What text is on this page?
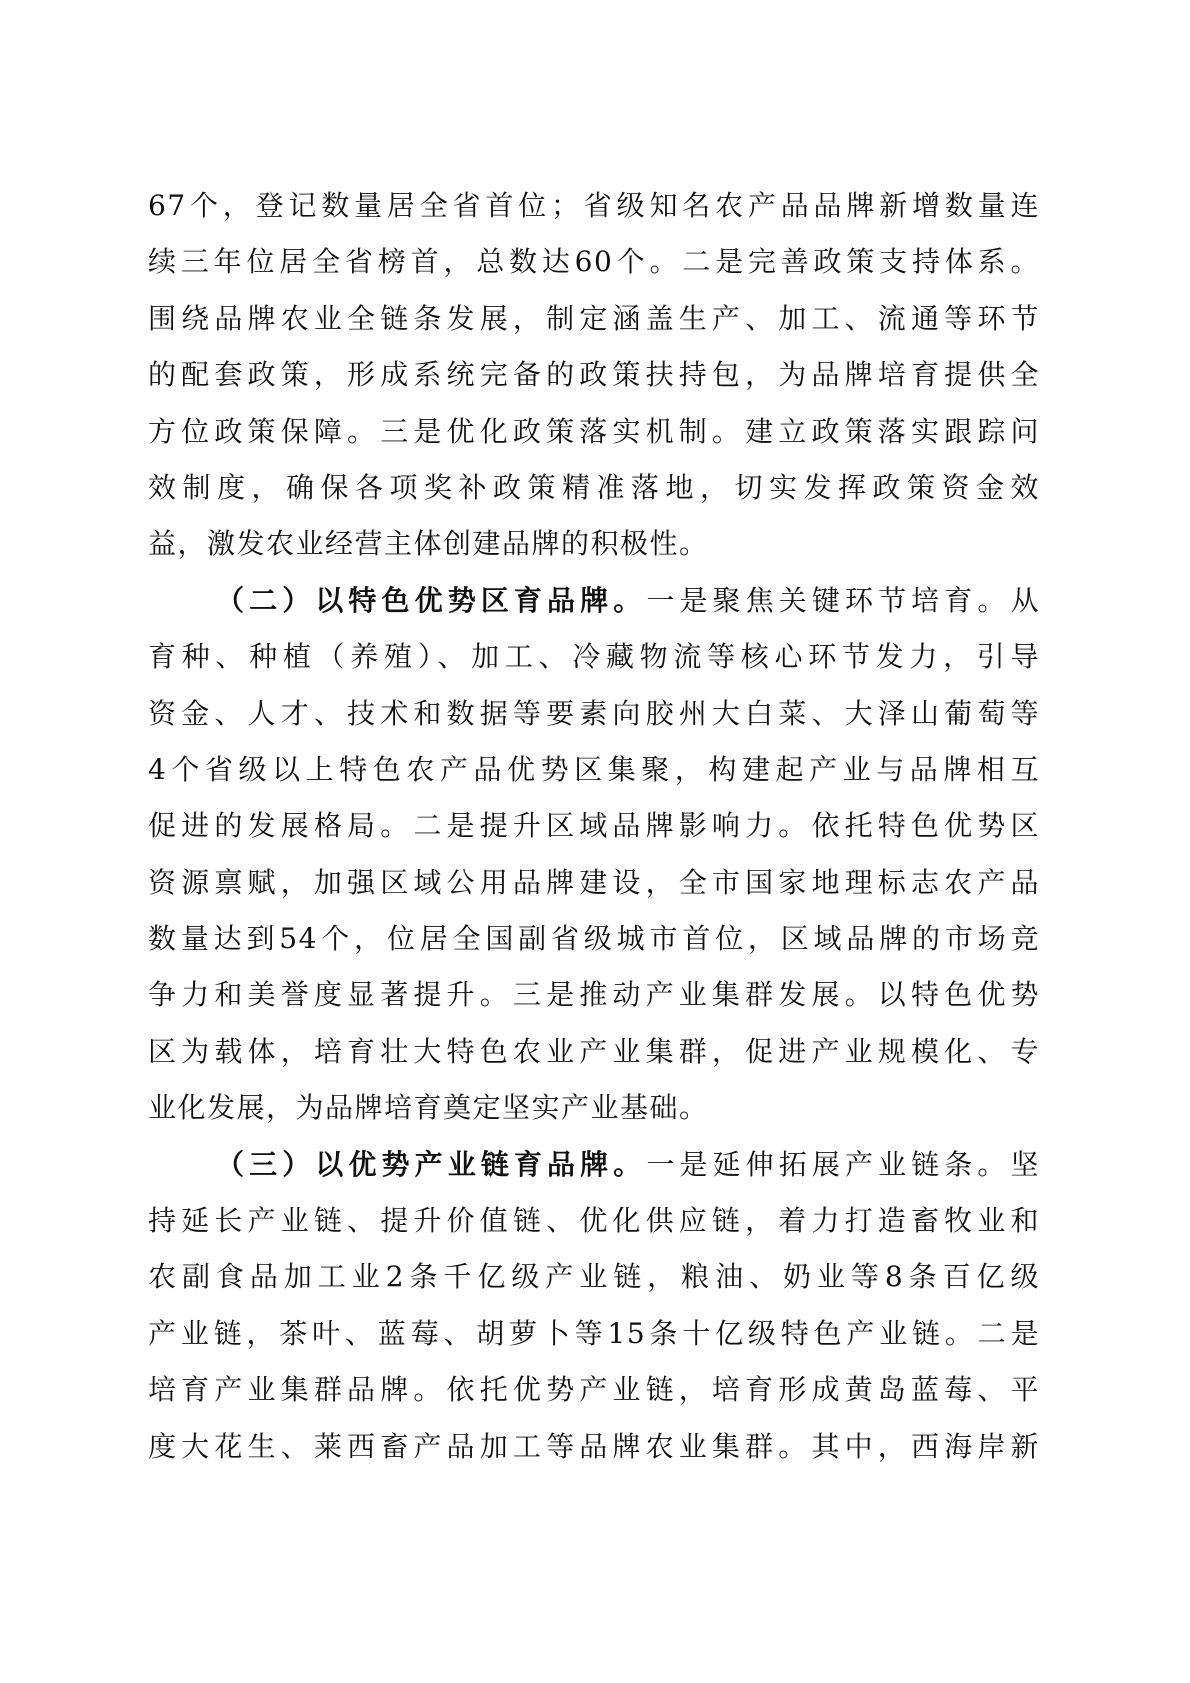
67个，登记数量居全省首位；省级知名农产品品牌新增数量连
续三年位居全省榜首，总数达60个。二是完善政策支持体系。
围绕品牌农业全链条发展，制定涵盖生产、加工、流通等环节
的配套政策，形成系统完备的政策扶持包，为品牌培育提供全
方位政策保障。三是优化政策落实机制。建立政策落实跟踪问
效制度，确保各项奖补政策精准落地，切实发挥政策资金效
益，激发农业经营主体创建品牌的积极性。
（二）以特色优势区育品牌。一是聚焦关键环节培育。从
育种、种植（养殖）、加工、冷藏物流等核心环节发力，引导
资金、人才、技术和数据等要素向胶州大白菜、大泽山葡萄等
4个省级以上特色农产品优势区集聚，构建起产业与品牌相互
促进的发展格局。二是提升区域品牌影响力。依托特色优势区
资源禀赋，加强区域公用品牌建设，全市国家地理标志农产品
数量达到54个，位居全国副省级城市首位，区域品牌的市场竞
争力和美誉度显著提升。三是推动产业集群发展。以特色优势
区为载体，培育壮大特色农业产业集群，促进产业规模化、专
业化发展，为品牌培育奠定坚实产业基础。
（三）以优势产业链育品牌。一是延伸拓展产业链条。坚
持延长产业链、提升价值链、优化供应链，着力打造畜牧业和
农副食品加工业2条千亿级产业链，粮油、奶业等8条百亿级
产业链，茶叶、蓝莓、胡萝卜等15条十亿级特色产业链。二是
培育产业集群品牌。依托优势产业链，培育形成黄岛蓝莓、平
度大花生、莱西畜产品加工等品牌农业集群。其中，西海岸新
